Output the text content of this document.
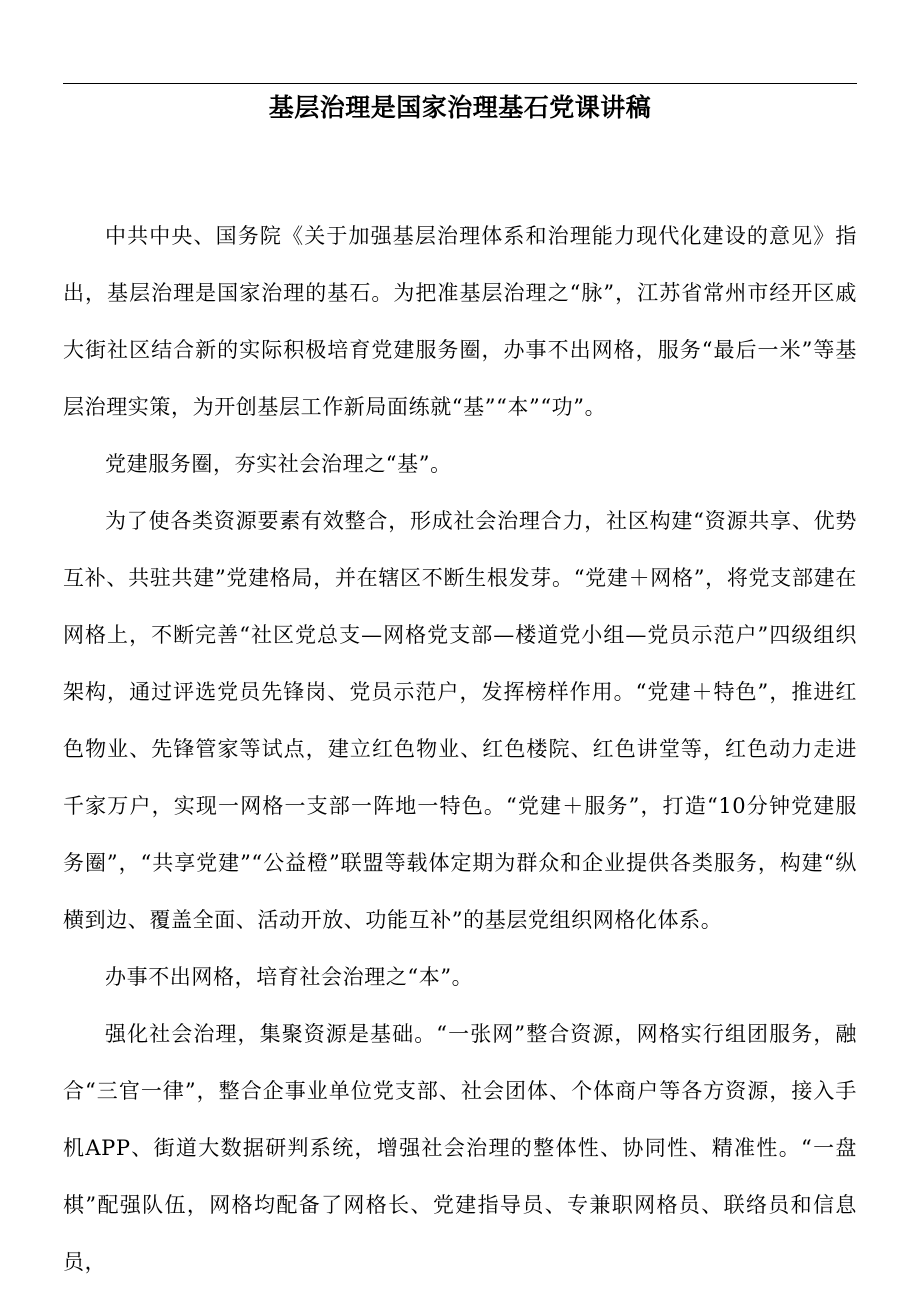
基层治理是国家治理基石党课讲稿

中共中央、国务院《关于加强基层治理体系和治理能力现代化建设的意见》指出，基层治理是国家治理的基石。为把准基层治理之“脉”，江苏省常州市经开区戚大街社区结合新的实际积极培育党建服务圈，办事不出网格，服务“最后一米”等基层治理实策，为开创基层工作新局面练就“基”“本”“功”。

党建服务圈，夯实社会治理之“基”。

为了使各类资源要素有效整合，形成社会治理合力，社区构建“资源共享、优势互补、共驻共建”党建格局，并在辖区不断生根发芽。“党建＋网格”，将党支部建在网格上，不断完善“社区党总支—网格党支部—楼道党小组—党员示范户”四级组织架构，通过评选党员先锋岗、党员示范户，发挥榜样作用。“党建＋特色”，推进红色物业、先锋管家等试点，建立红色物业、红色楼院、红色讲堂等，红色动力走进千家万户，实现一网格一支部一阵地一特色。“党建＋服务”，打造“10分钟党建服务圈”，“共享党建”“公益橙”联盟等载体定期为群众和企业提供各类服务，构建“纵横到边、覆盖全面、活动开放、功能互补”的基层党组织网格化体系。

办事不出网格，培育社会治理之“本”。

强化社会治理，集聚资源是基础。“一张网”整合资源，网格实行组团服务，融合“三官一律”，整合企事业单位党支部、社会团体、个体商户等各方资源，接入手机APP、街道大数据研判系统，增强社会治理的整体性、协同性、精准性。“一盘棋”配强队伍，网格均配备了网格长、党建指导员、专兼职网格员、联络员和信息员，
